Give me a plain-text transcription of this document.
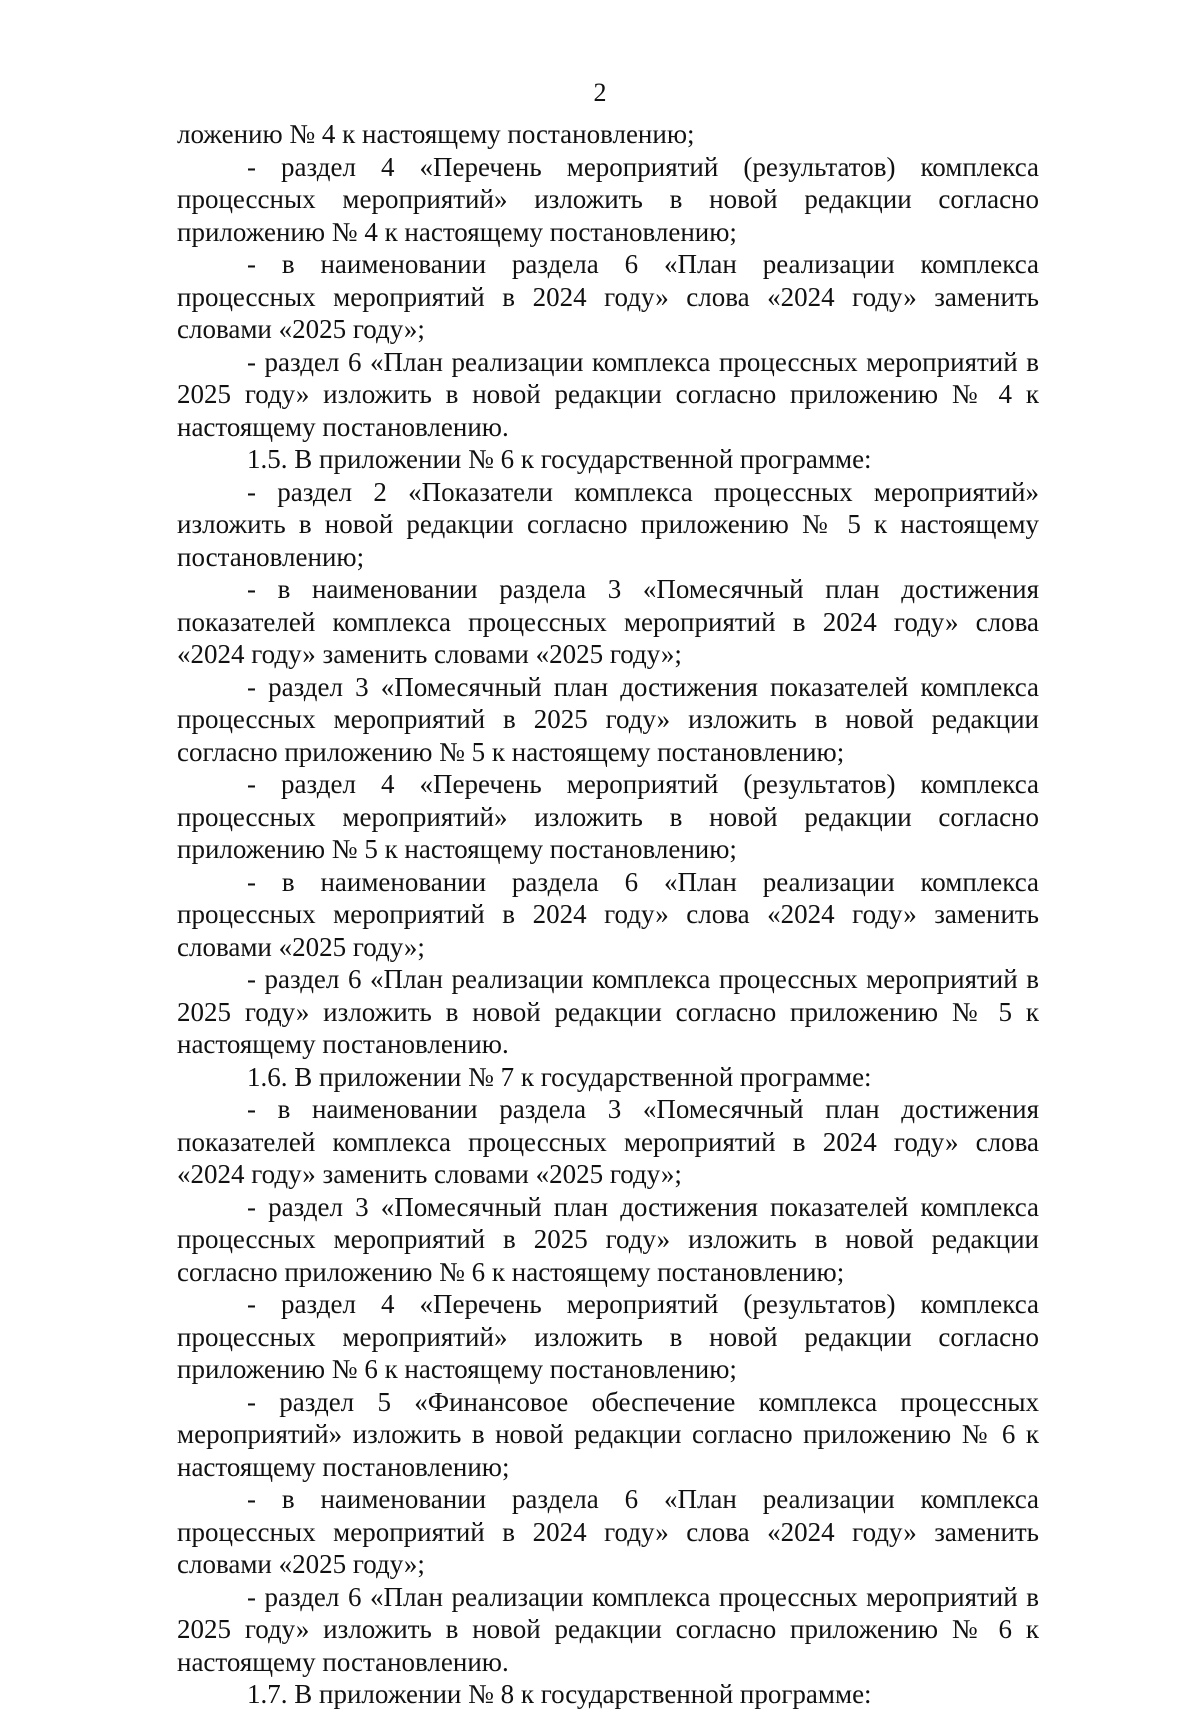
2

ложению № 4 к настоящему постановлению;

- раздел 4 «Перечень мероприятий (результатов) комплекса процессных мероприятий» изложить в новой редакции согласно приложению № 4 к настоящему постановлению;

- в наименовании раздела 6 «План реализации комплекса процессных мероприятий в 2024 году» слова «2024 году» заменить словами «2025 году»;

- раздел 6 «План реализации комплекса процессных мероприятий в 2025 году» изложить в новой редакции согласно приложению № 4 к настоящему постановлению.

1.5. В приложении № 6 к государственной программе:

- раздел 2 «Показатели комплекса процессных мероприятий» изложить в новой редакции согласно приложению № 5 к настоящему постановлению;

- в наименовании раздела 3 «Помесячный план достижения показателей комплекса процессных мероприятий в 2024 году» слова «2024 году» заменить словами «2025 году»;

- раздел 3 «Помесячный план достижения показателей комплекса процессных мероприятий в 2025 году» изложить в новой редакции согласно приложению № 5 к настоящему постановлению;

- раздел 4 «Перечень мероприятий (результатов) комплекса процессных мероприятий» изложить в новой редакции согласно приложению № 5 к настоящему постановлению;

- в наименовании раздела 6 «План реализации комплекса процессных мероприятий в 2024 году» слова «2024 году» заменить словами «2025 году»;

- раздел 6 «План реализации комплекса процессных мероприятий в 2025 году» изложить в новой редакции согласно приложению № 5 к настоящему постановлению.

1.6. В приложении № 7 к государственной программе:

- в наименовании раздела 3 «Помесячный план достижения показателей комплекса процессных мероприятий в 2024 году» слова «2024 году» заменить словами «2025 году»;

- раздел 3 «Помесячный план достижения показателей комплекса процессных мероприятий в 2025 году» изложить в новой редакции согласно приложению № 6 к настоящему постановлению;

- раздел 4 «Перечень мероприятий (результатов) комплекса процессных мероприятий» изложить в новой редакции согласно приложению № 6 к настоящему постановлению;

- раздел 5 «Финансовое обеспечение комплекса процессных мероприятий» изложить в новой редакции согласно приложению № 6 к настоящему постановлению;

- в наименовании раздела 6 «План реализации комплекса процессных мероприятий в 2024 году» слова «2024 году» заменить словами «2025 году»;

- раздел 6 «План реализации комплекса процессных мероприятий в 2025 году» изложить в новой редакции согласно приложению № 6 к настоящему постановлению.

1.7. В приложении № 8 к государственной программе:
